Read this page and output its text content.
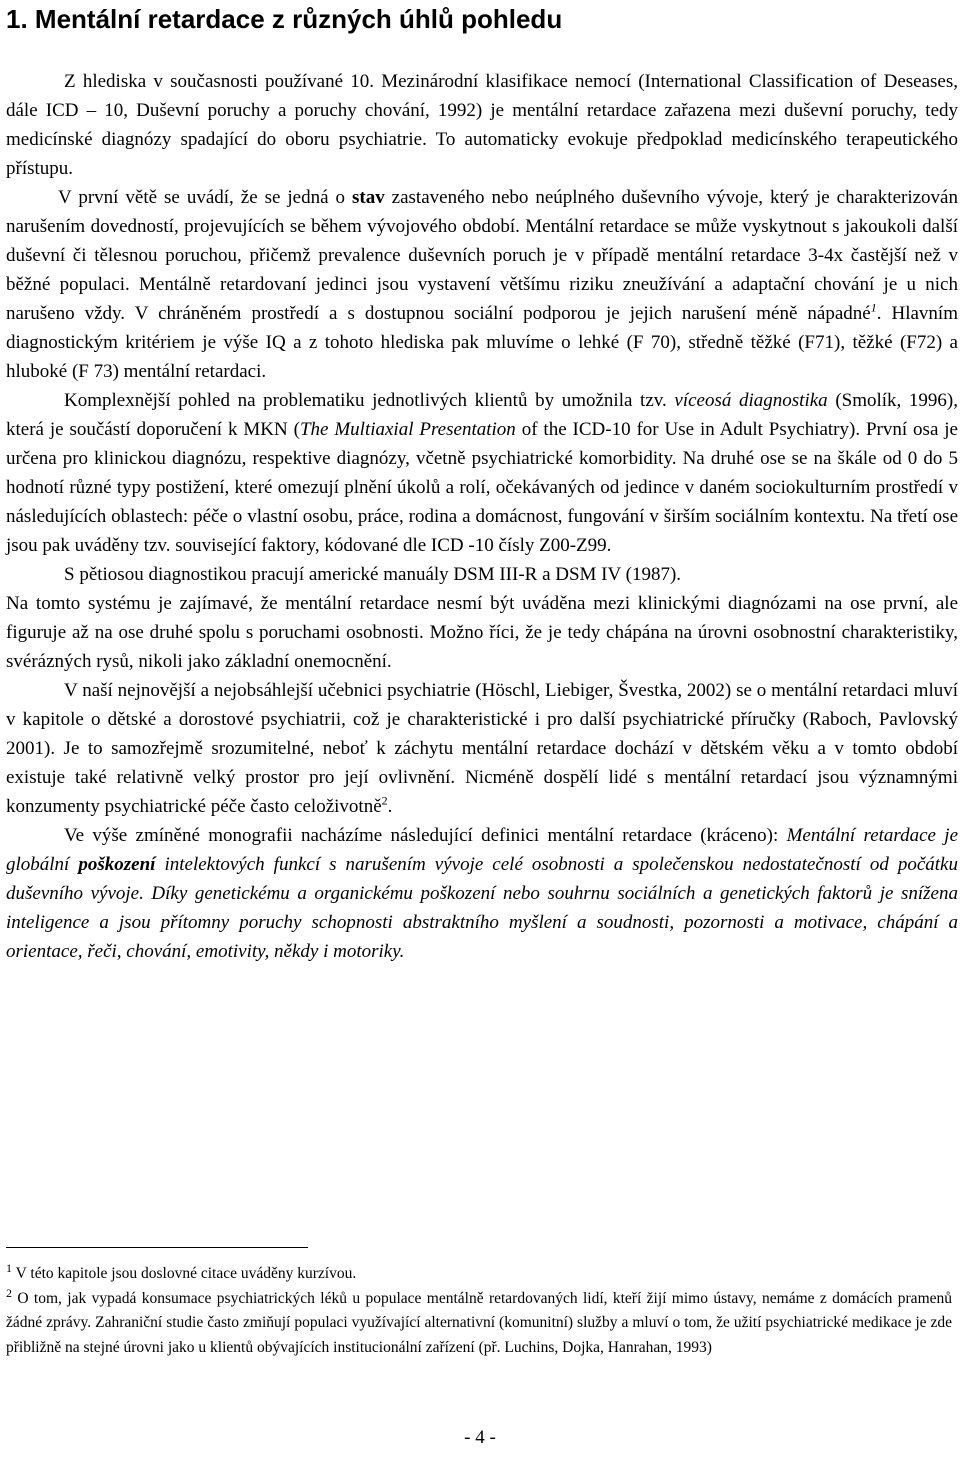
1. Mentální retardace z různých úhlů pohledu

Z hlediska v současnosti používané 10. Mezinárodní klasifikace nemocí (International Classification of Deseases, dále ICD – 10, Duševní poruchy a poruchy chování, 1992) je mentální retardace zařazena mezi duševní poruchy, tedy medicínské diagnózy spadající do oboru psychiatrie. To automaticky evokuje předpoklad medicínského terapeutického přístupu.

V první větě se uvádí, že se jedná o stav zastaveného nebo neúplného duševního vývoje, který je charakterizován narušením dovedností, projevujících se během vývojového období. Mentální retardace se může vyskytnout s jakoukoli další duševní či tělesnou poruchou, přičemž prevalence duševních poruch je v případě mentální retardace 3-4x častější než v běžné populaci. Mentálně retardovaní jedinci jsou vystavení většímu riziku zneužívání a adaptační chování je u nich narušeno vždy. V chráněném prostředí a s dostupnou sociální podporou je jejich narušení méně nápadné$^1$. Hlavním diagnostickým kritériem je výše IQ a z tohoto hlediska pak mluvíme o lehké (F 70), středně těžké (F71), těžké (F72) a hluboké (F 73) mentální retardaci.

Komplexnější pohled na problematiku jednotlivých klientů by umožnila tzv. víceosá diagnostika (Smolík, 1996), která je součástí doporučení k MKN (The Multiaxial Presentation of the ICD-10 for Use in Adult Psychiatry). První osa je určena pro klinickou diagnózu, respektive diagnózy, včetně psychiatrické komorbidity. Na druhé ose se na škále od 0 do 5 hodnotí různé typy postižení, které omezují plnění úkolů a rolí, očekávaných od jedince v daném sociokulturním prostředí v následujících oblastech: péče o vlastní osobu, práce, rodina a domácnost, fungování v širším sociálním kontextu. Na třetí ose jsou pak uváděny tzv. související faktory, kódované dle ICD -10 čísly Z00-Z99.

S pětiosou diagnostikou pracují americké manuály DSM III-R a DSM IV (1987).

Na tomto systému je zajímavé, že mentální retardace nesmí být uváděna mezi klinickými diagnózami na ose první, ale figuruje až na ose druhé spolu s poruchami osobnosti. Možno říci, že je tedy chápána na úrovni osobnostní charakteristiky, svérázných rysů, nikoli jako základní onemocnění.

V naší nejnovější a nejobsáhlejší učebnici psychiatrie (Höschl, Liebiger, Švestka, 2002) se o mentální retardaci mluví v kapitole o dětské a dorostové psychiatrii, což je charakteristické i pro další psychiatrické příručky (Raboch, Pavlovský 2001). Je to samozřejmě srozumitelné, neboť k záchytu mentální retardace dochází v dětském věku a v tomto období existuje také relativně velký prostor pro její ovlivnění. Nicméně dospělí lidé s mentální retardací jsou významnými konzumenty psychiatrické péče často celoživotně$^2$.

Ve výše zmíněné monografii nacházíme následující definici mentální retardace (kráceno): Mentální retardace je globální poškození intelektových funkcí s narušením vývoje celé osobnosti a společenskou nedostatečností od počátku duševního vývoje. Díky genetickému a organickému poškození nebo souhrnu sociálních a genetických faktorů je snížena inteligence a jsou přítomny poruchy schopnosti abstraktního myšlení a soudnosti, pozornosti a motivace, chápání a orientace, řeči, chování, emotivity, někdy i motoriky.

$^1$ V této kapitole jsou doslovné citace uváděny kurzívou.

$^2$ O tom, jak vypadá konsumace psychiatrických léků u populace mentálně retardovaných lidí, kteří žijí mimo ústavy, nemáme z domácích pramenů žádné zprávy. Zahraniční studie často zmiňují populaci využívající alternativní (komunitní) služby a mluví o tom, že užití psychiatrické medikace je zde přibližně na stejné úrovni jako u klientů obývajících institucionální zařízení (př. Luchins, Dojka, Hanrahan, 1993)

- 4 -
